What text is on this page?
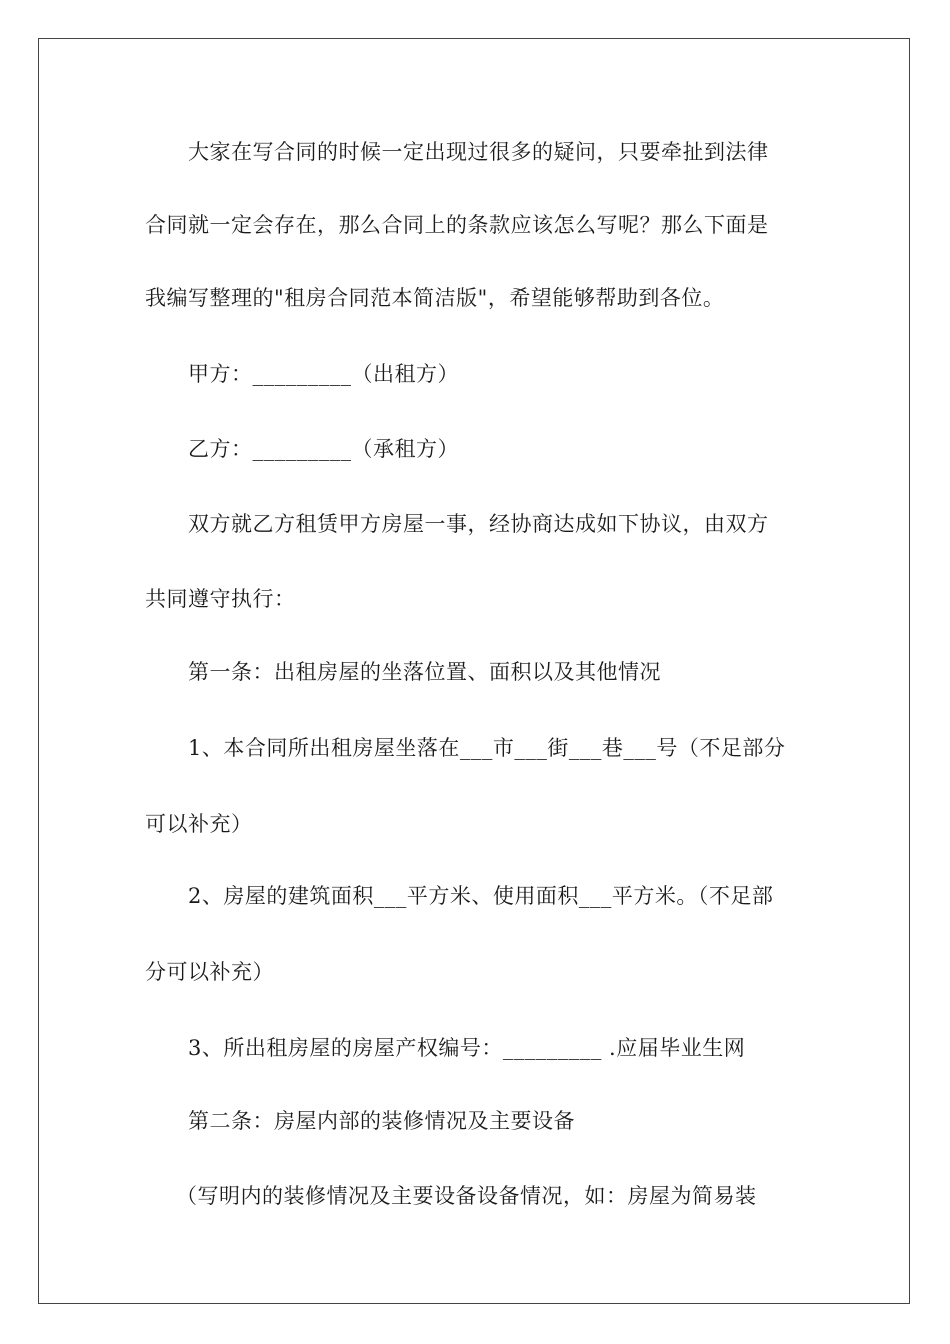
大家在写合同的时候一定出现过很多的疑问，只要牵扯到法律
合同就一定会存在，那么合同上的条款应该怎么写呢？那么下面是
我编写整理的"租房合同范本简洁版"，希望能够帮助到各位。
甲方：_________（出租方）
乙方：_________（承租方）
双方就乙方租赁甲方房屋一事，经协商达成如下协议，由双方
共同遵守执行：
第一条：出租房屋的坐落位置、面积以及其他情况
1、本合同所出租房屋坐落在___市___街___巷___号（不足部分
可以补充）
2、房屋的建筑面积___平方米、使用面积___平方米。（不足部
分可以补充）
3、所出租房屋的房屋产权编号：_________ .应届毕业生网
第二条：房屋内部的装修情况及主要设备
（写明内的装修情况及主要设备设备情况，如：房屋为简易装
